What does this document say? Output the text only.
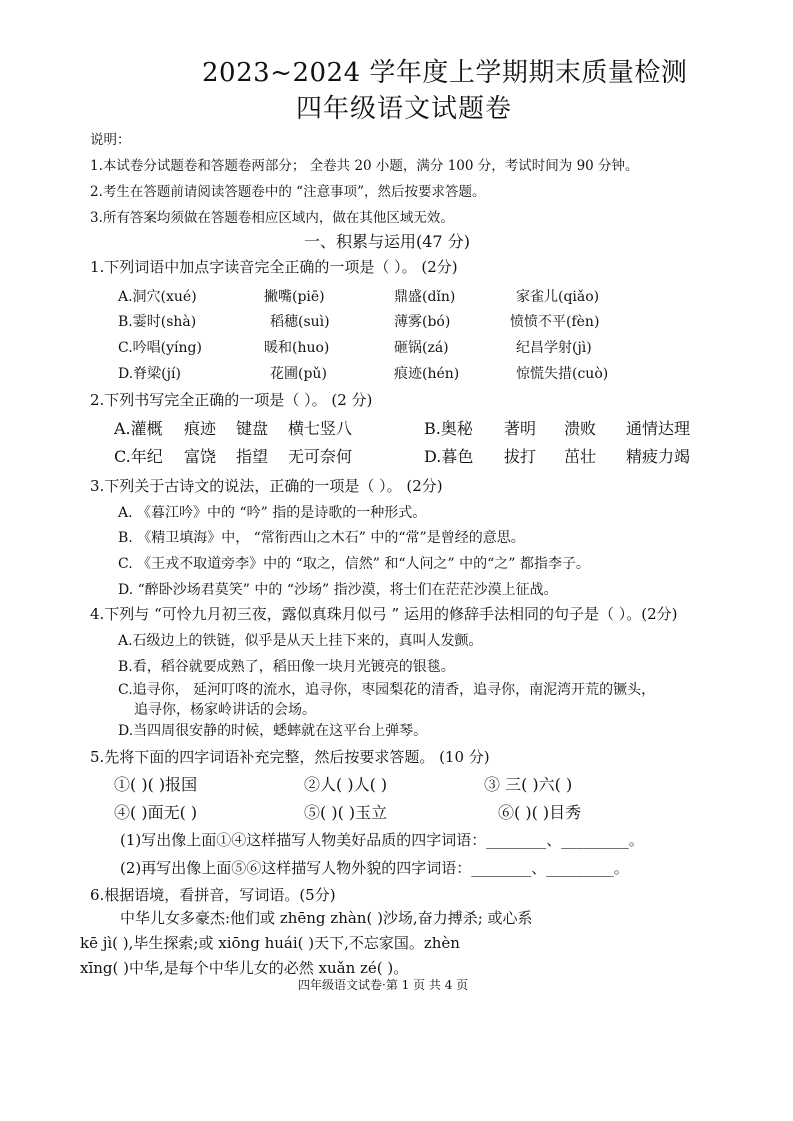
2023~2024 学年度上学期期末质量检测
四年级语文试题卷
说明：
1.本试卷分试题卷和答题卷两部分； 全卷共 20 小题，满分 100 分，考试时间为 90 分钟。
2.考生在答题前请阅读答题卷中的 “注意事项”，然后按要求答题。
3.所有答案均须做在答题卷相应区域内，做在其他区域无效。
一、积累与运用(47 分)
1.下列词语中加点字读音完全正确的一项是（ ）。 (2分)
A.洞穴(xué)	撇嘴(piē)	鼎盛(dǐn)	家雀儿(qiǎo)
B.霎时(shà)	稻穗(suì)	薄雾(bó)	愤愤不平(fèn)
C.吟唱(yíng)	暖和(huo)	砸锅(zá)	纪昌学射(jì)
D.脊梁(jí)	花圃(pǔ)	痕迹(hén)	惊慌失措(cuò)
2.下列书写完全正确的一项是（ ）。 (2 分)
A.灌概 痕迹 键盘 横七竖八	B.奥秘 著明 溃败 通情达理
C.年纪 富饶 指望 无可奈何	D.暮色 拔打 茁壮 精疲力竭
3.下列关于古诗文的说法，正确的一项是（ ）。 (2分)
A. 《暮江吟》中的 “吟” 指的是诗歌的一种形式。
B. 《精卫填海》中， “常衔西山之木石” 中的“常”是曾经的意思。
C. 《王戎不取道旁李》中的 “取之，信然” 和“人问之” 中的“之” 都指李子。
D. “醉卧沙场君莫笑” 中的 “沙场” 指沙漠，将士们在茫茫沙漠上征战。
4.下列与 “可怜九月初三夜，露似真珠月似弓 ” 运用的修辞手法相同的句子是（ ）。(2分)
A.石级边上的铁链，似乎是从天上挂下来的，真叫人发颤。
B.看，稻谷就要成熟了，稻田像一块月光镀亮的银毯。
C.追寻你， 延河叮咚的流水，追寻你，枣园梨花的清香，追寻你，南泥湾开荒的镢头，
追寻你，杨家岭讲话的会场。
D.当四周很安静的时候，蟋蟀就在这平台上弹琴。
5.先将下面的四字词语补充完整，然后按要求答题。 (10 分)
①( )( )报国	②人( )人( )	③ 三( )六( )
④( )面无( )	⑤( )( )玉立	⑥( )( )目秀
(1)写出像上面①④这样描写人物美好品质的四字词语：________、_________。
(2)再写出像上面⑤⑥这样描写人物外貌的四字词语：________、_________。
6.根据语境，看拼音，写词语。(5分)
中华儿女多豪杰:他们或 zhēng zhàn( )沙场,奋力搏杀; 或心系
kē jì( ),毕生探索;或 xiōng huái( )天下,不忘家国。zhèn
xīng( )中华,是每个中华儿女的必然 xuǎn zé( )。
四年级语文试卷·第 1 页 共 4 页
